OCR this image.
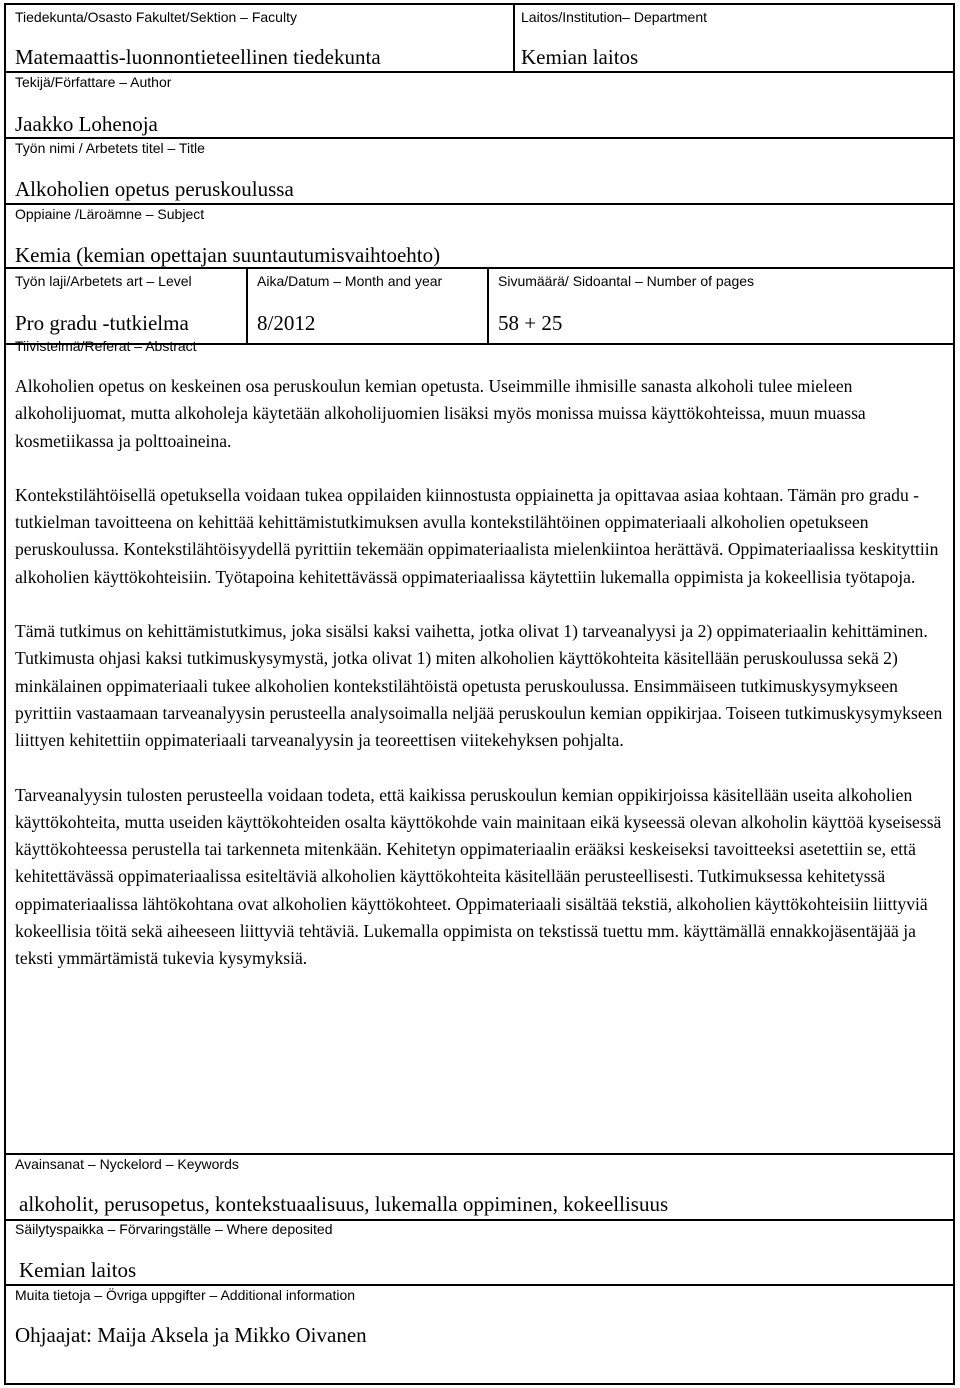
Tiedekunta/Osasto Fakultet/Sektion – Faculty
Matemaattis-luonnontieteellinen tiedekunta
Laitos/Institution– Department
Kemian laitos
Tekijä/Författare – Author
Jaakko Lohenoja
Työn nimi / Arbetets titel – Title
Alkoholien opetus peruskoulussa
Oppiaine /Läroämne – Subject
Kemia (kemian opettajan suuntautumisvaihtoehto)
Työn laji/Arbetets art – Level
Pro gradu -tutkielma
Aika/Datum – Month and year
8/2012
Sivumäärä/ Sidoantal – Number of pages
58 + 25
Tiivistelmä/Referat – Abstract

Alkoholien opetus on keskeinen osa peruskoulun kemian opetusta. Useimmille ihmisille sanasta alkoholi tulee mieleen alkoholijuomat, mutta alkoholeja käytetään alkoholijuomien lisäksi myös monissa muissa käyttökohteissa, muun muassa kosmetiikassa ja polttoaineina.

Kontekstilähtöisellä opetuksella voidaan tukea oppilaiden kiinnostusta oppiainetta ja opittavaa asiaa kohtaan. Tämän pro gradu -tutkielman tavoitteena on kehittää kehittämistutkimuksen avulla kontekstilähtöinen oppimateriaali alkoholien opetukseen peruskoulussa. Kontekstilähtöisyydellä pyrittiin tekemään oppimateriaalista mielenkiintoa herättävä. Oppimateriaalissa keskityttiin alkoholien käyttökohteisiin. Työtapoina kehitettävässä oppimateriaalissa käytettiin lukemalla oppimista ja kokeellisia työtapoja.

Tämä tutkimus on kehittämistutkimus, joka sisälsi kaksi vaihetta, jotka olivat 1) tarveanalyysi ja 2) oppimateriaalin kehittäminen. Tutkimusta ohjasi kaksi tutkimuskysymystä, jotka olivat 1) miten alkoholien käyttökohteita käsitellään peruskoulussa sekä 2) minkälainen oppimateriaali tukee alkoholien kontekstilähtöistä opetusta peruskoulussa. Ensimmäiseen tutkimuskysymykseen pyrittiin vastaamaan tarveanalyysin perusteella analysoimalla neljää peruskoulun kemian oppikirjaa. Toiseen tutkimuskysymykseen liittyen kehitettiin oppimateriaali tarveanalyysin ja teoreettisen viitekehyksen pohjalta.

Tarveanalyysin tulosten perusteella voidaan todeta, että kaikissa peruskoulun kemian oppikirjoissa käsitellään useita alkoholien käyttökohteita, mutta useiden käyttökohteiden osalta käyttökohde vain mainitaan eikä kyseessä olevan alkoholin käyttöä kyseisessä käyttökohteessa perustella tai tarkenneta mitenkään. Kehitetyn oppimateriaalin erääksi keskeiseksi tavoitteeksi asetettiin se, että kehitettävässä oppimateriaalissa esiteltäviä alkoholien käyttökohteita käsitellään perusteellisesti. Tutkimuksessa kehitetyssä oppimateriaalissa lähtökohtana ovat alkoholien käyttökohteet. Oppimateriaali sisältää tekstiä, alkoholien käyttökohteisiin liittyviä kokeellisia töitä sekä aiheeseen liittyviä tehtäviä. Lukemalla oppimista on tekstissä tuettu mm. käyttämällä ennakkojäsentäjää ja teksti ymmärtämistä tukevia kysymyksiä.

Avainsanat – Nyckelord – Keywords
alkoholit, perusopetus, kontekstuaalisuus, lukemalla oppiminen, kokeellisuus
Säilytyspaikka – Förvaringställe – Where deposited
Kemian laitos
Muita tietoja – Övriga uppgifter – Additional information
Ohjaajat: Maija Aksela ja Mikko Oivanen
